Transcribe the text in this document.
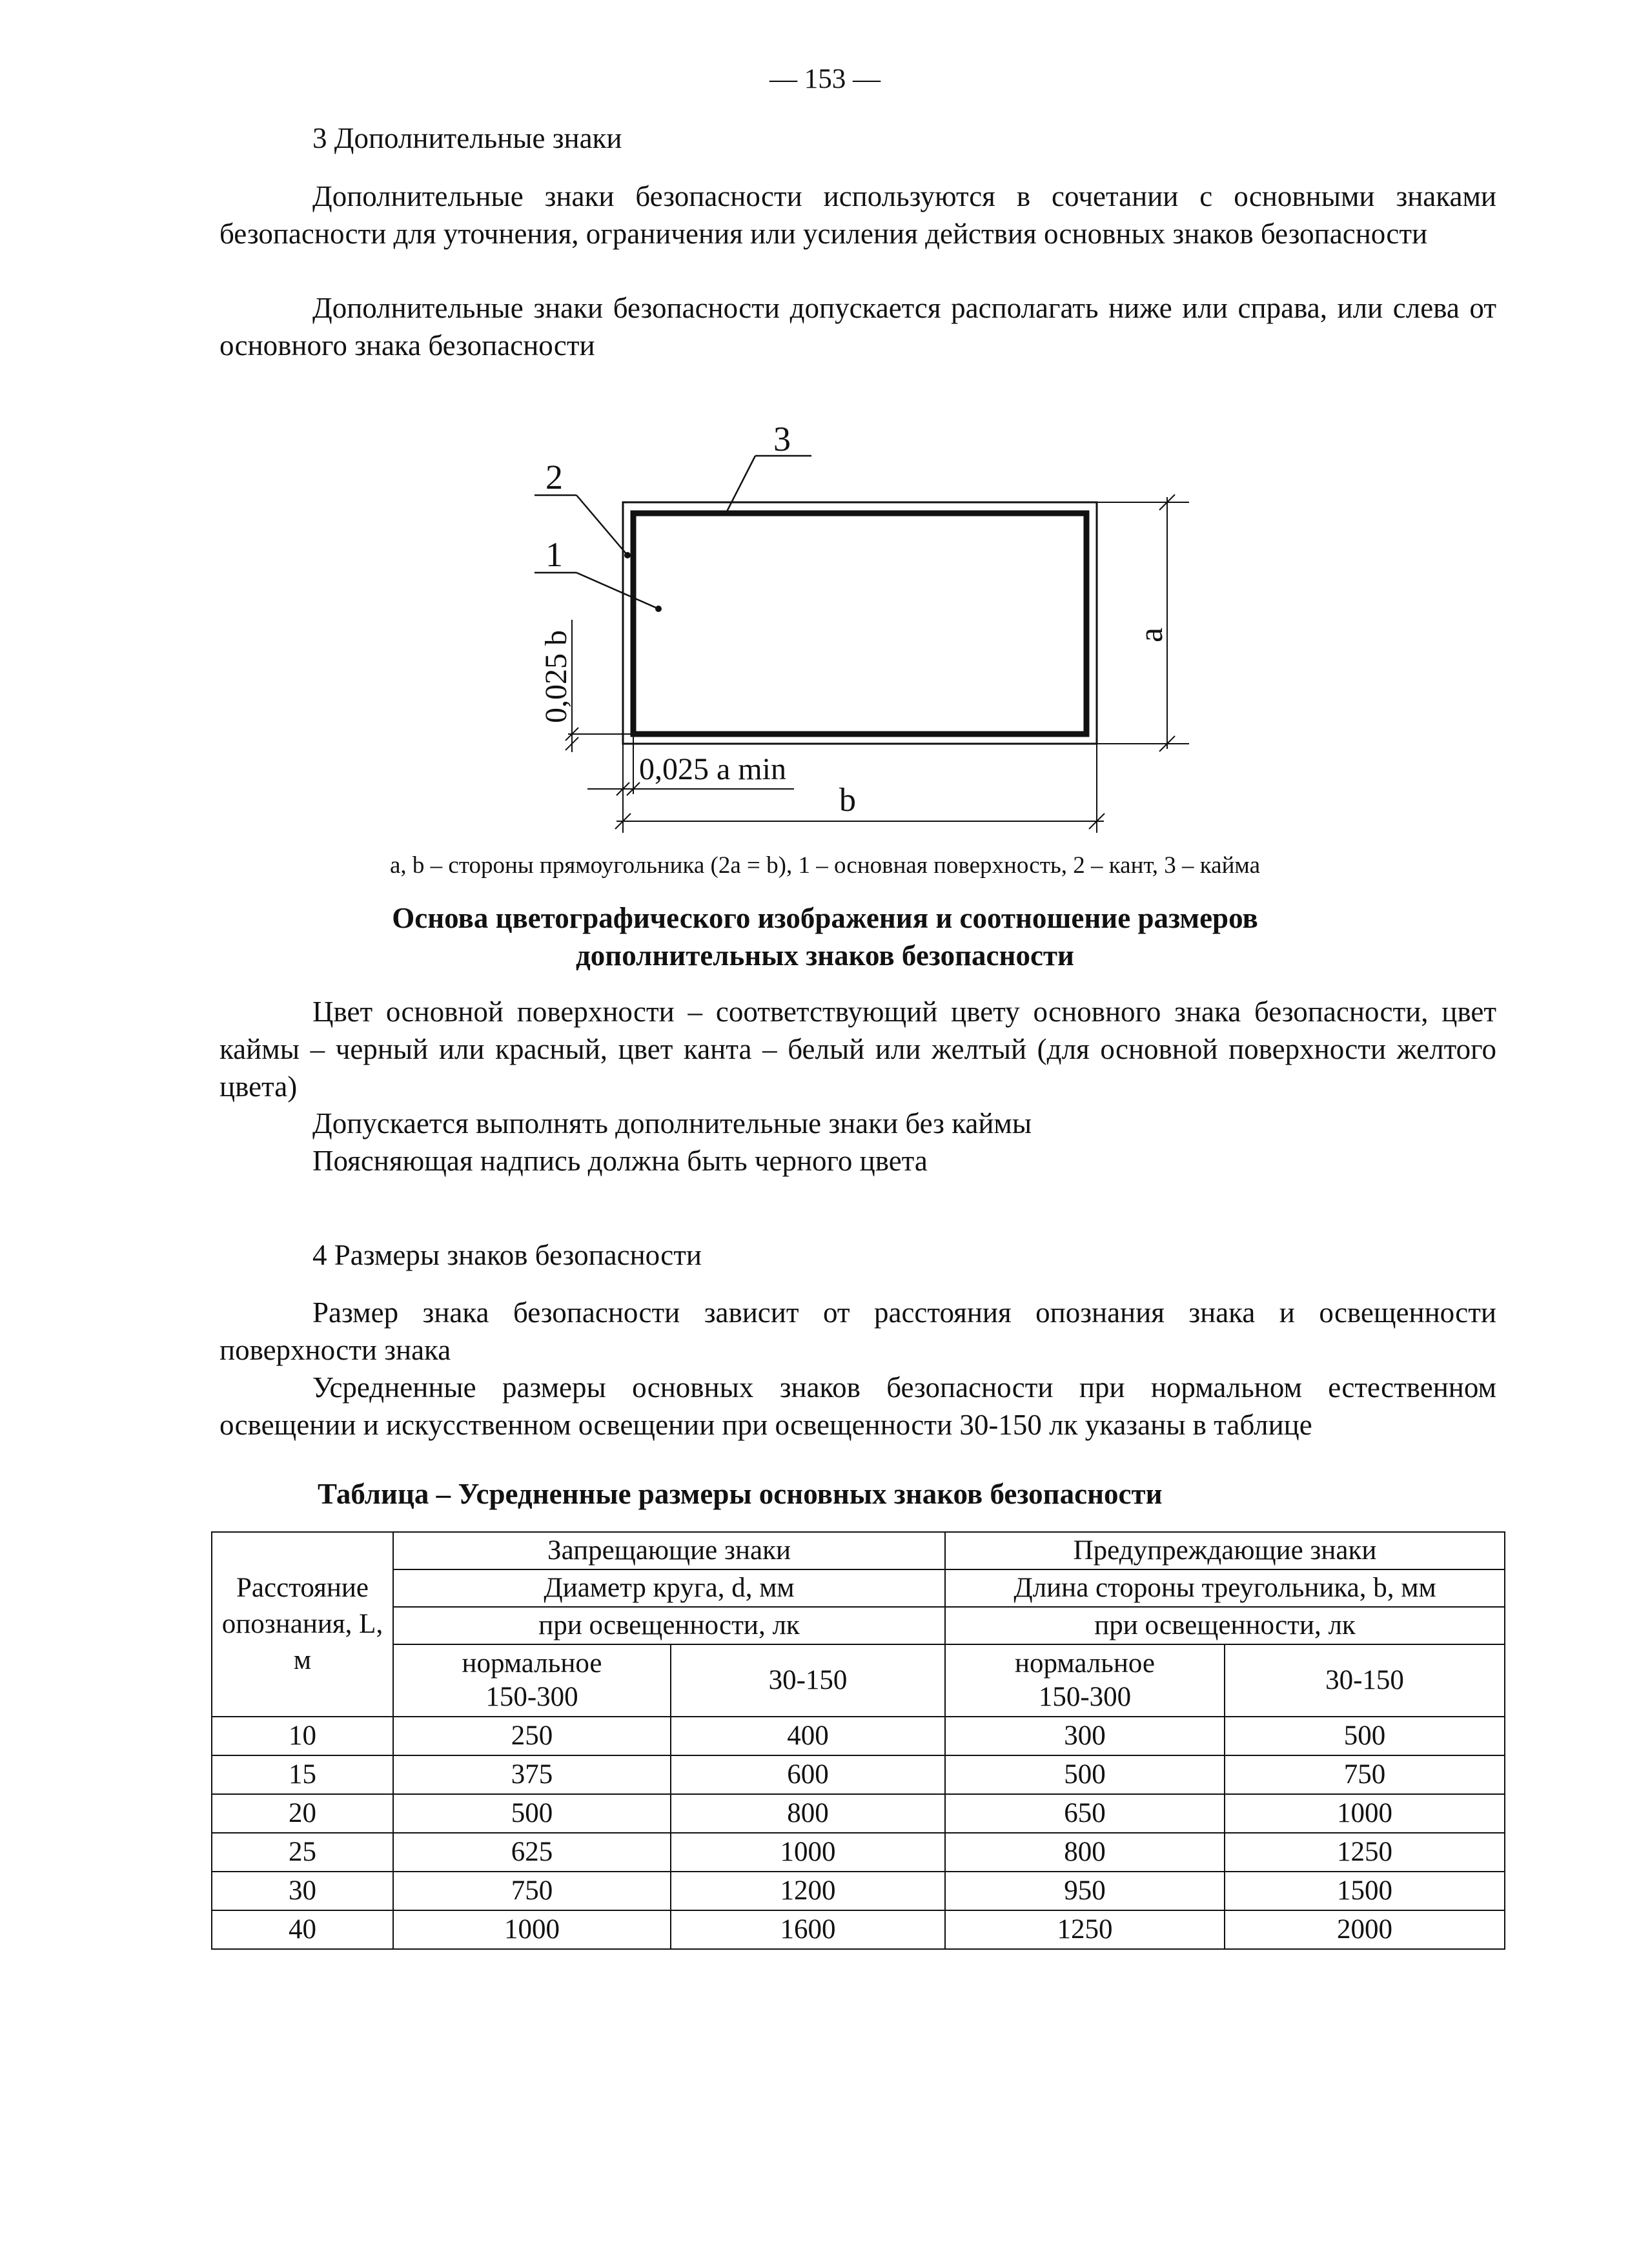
— 153 —
3 Дополнительные знаки

Дополнительные знаки безопасности используются в сочетании с основными знаками безопасности для уточнения, ограничения или усиления действия основных знаков безопасности

Дополнительные знаки безопасности допускается располагать ниже или справа, или слева от основного знака безопасности

3
2
1
a
b
0,025 a min
0,025 b
a, b – стороны прямоугольника (2a = b), 1 – основная поверхность, 2 – кант, 3 – кайма
Основа цветографического изображения и соотношение размеров
дополнительных знаков безопасности

Цвет основной поверхности – соответствующий цвету основного знака безопасности, цвет каймы – черный или красный, цвет канта – белый или желтый (для основной поверхности желтого цвета)

Допускается выполнять дополнительные знаки без каймы

Поясняющая надпись должна быть черного цвета

4 Размеры знаков безопасности

Размер знака безопасности зависит от расстояния опознания знака и освещенности поверхности знака

Усредненные размеры основных знаков безопасности при нормальном естественном освещении и искусственном освещении при освещенности 30-150 лк указаны в таблице

Таблица – Усредненные размеры основных знаков безопасности
Расстояние опознания, L, м	Запрещающие знаки		Предупреждающие знаки	
	Диаметр круга, d, мм		Длина стороны треугольника, b, мм	
	при освещенности, лк		при освещенности, лк	
	нормальное 150-300	30-150	нормальное 150-300	30-150
10	250	400	300	500
15	375	600	500	750
20	500	800	650	1000
25	625	1000	800	1250
30	750	1200	950	1500
40	1000	1600	1250	2000
